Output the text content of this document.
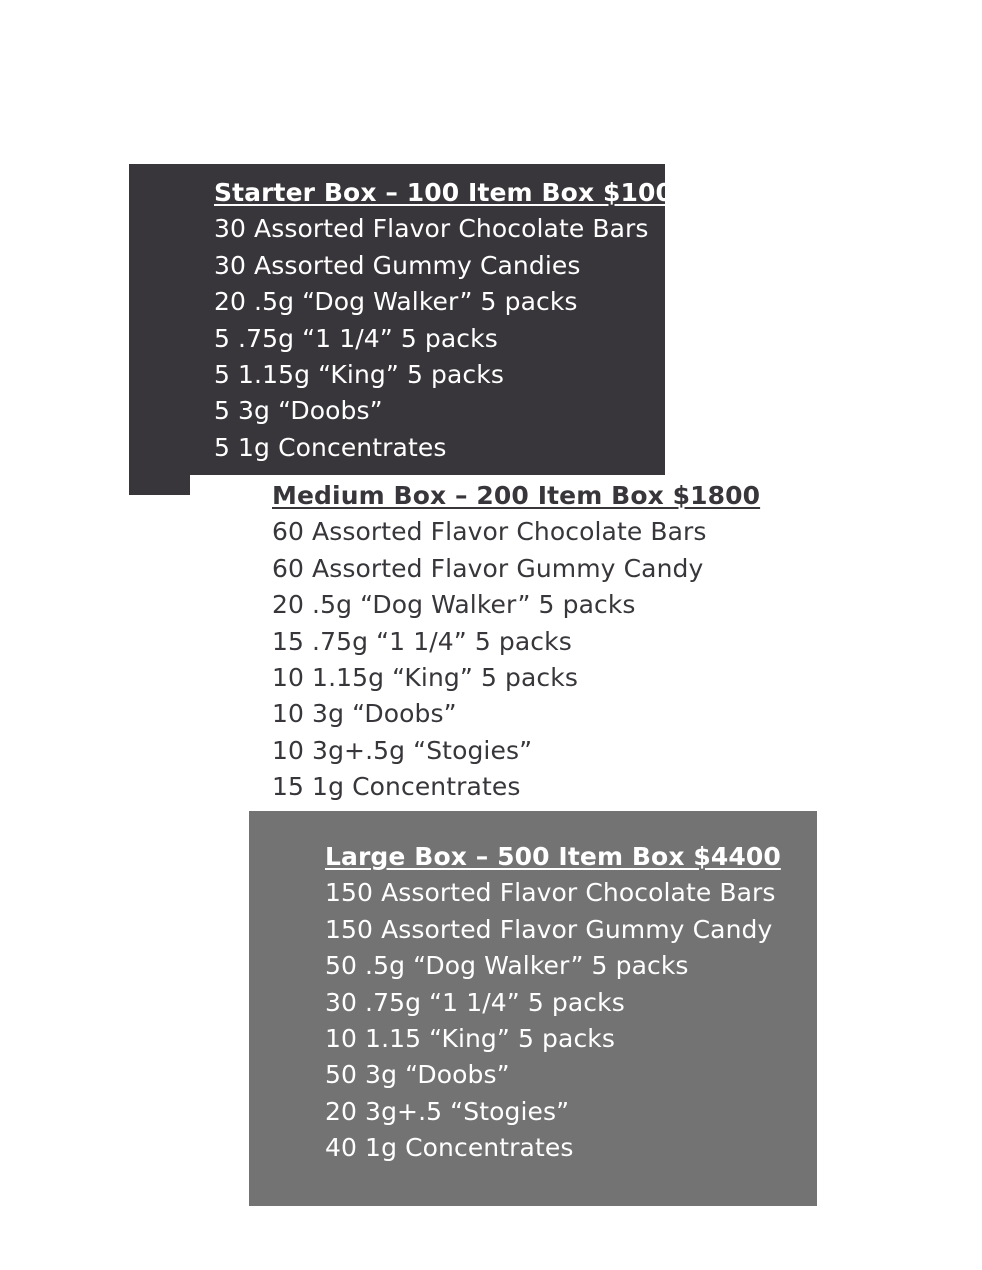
Starter Box – 100 Item Box $1000
30 Assorted Flavor Chocolate Bars
30 Assorted Gummy Candies
20 .5g “Dog Walker” 5 packs
5 .75g “1 1/4” 5 packs
5 1.15g “King” 5 packs
5 3g “Doobs”
5 1g Concentrates
Medium Box – 200 Item Box $1800
60 Assorted Flavor Chocolate Bars
60 Assorted Flavor Gummy Candy
20 .5g “Dog Walker” 5 packs
15 .75g “1 1/4” 5 packs
10 1.15g “King” 5 packs
10 3g “Doobs”
10 3g+.5g “Stogies”
15 1g Concentrates
Large Box – 500 Item Box $4400
150 Assorted Flavor Chocolate Bars
150 Assorted Flavor Gummy Candy
50 .5g “Dog Walker” 5 packs
30 .75g “1 1/4” 5 packs
10 1.15 “King” 5 packs
50 3g “Doobs”
20 3g+.5 “Stogies”
40 1g Concentrates
